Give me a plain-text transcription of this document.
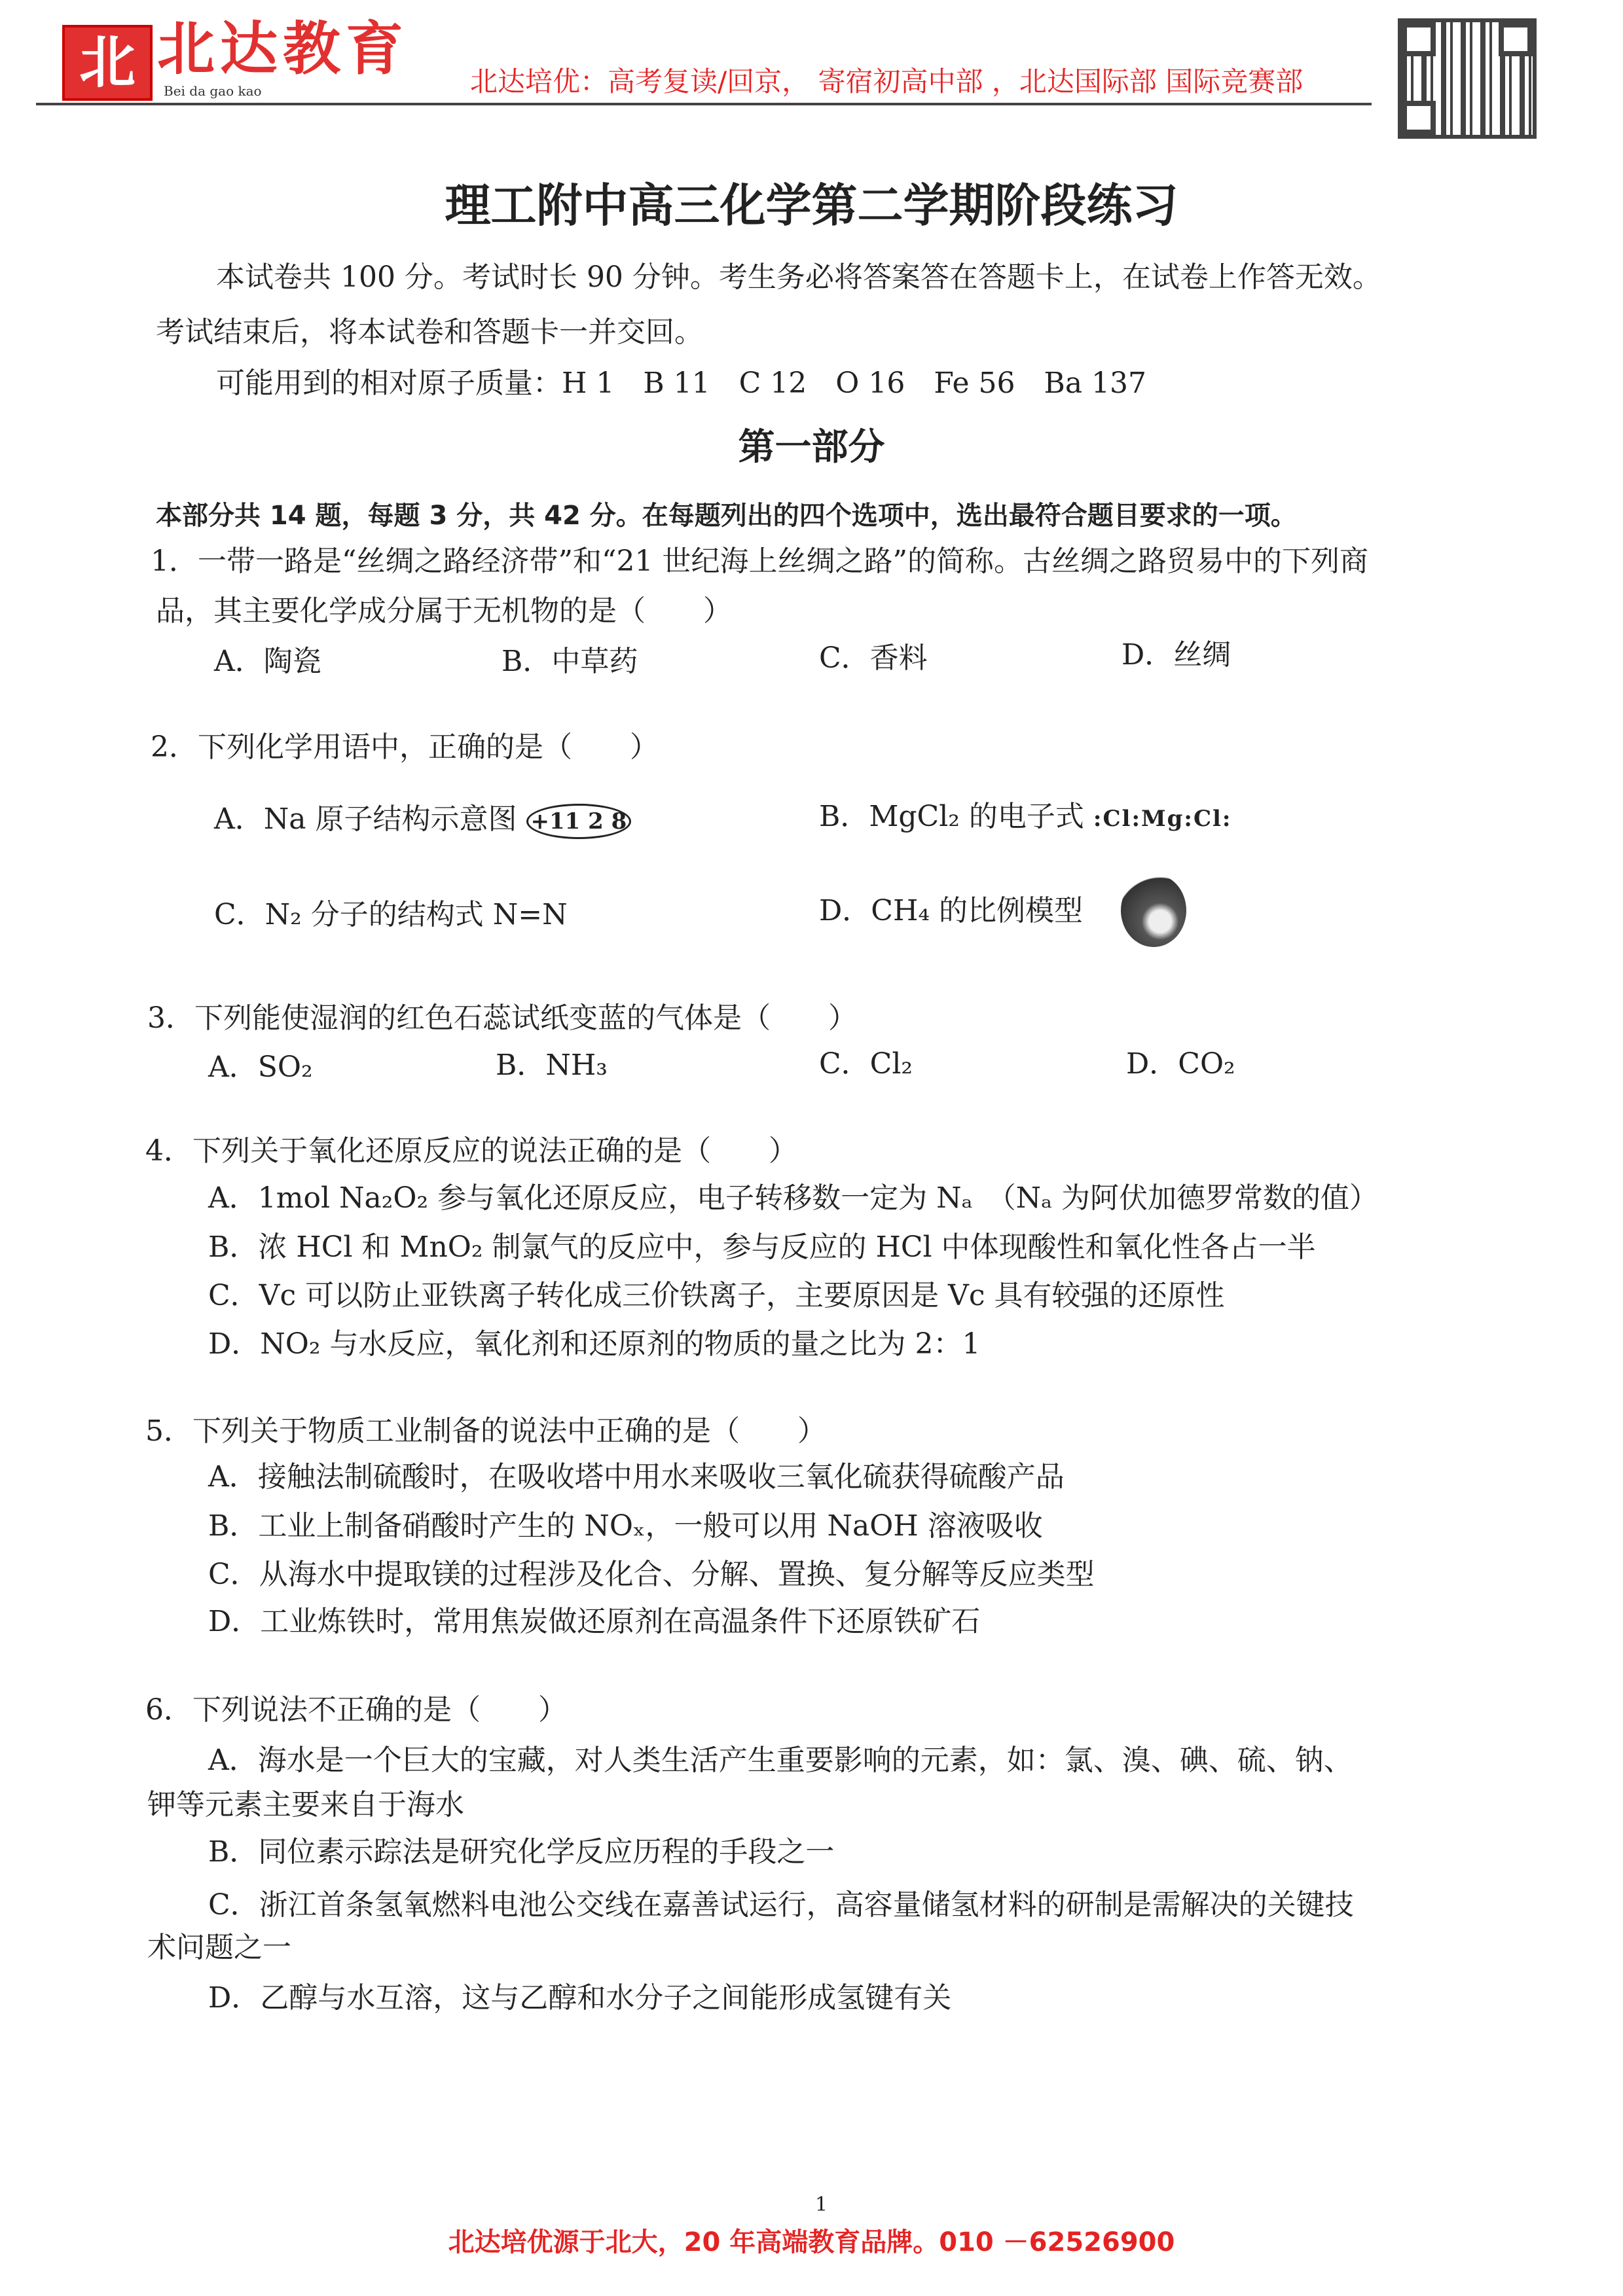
北 北达教育
Bei da gao kao	北达培优：高考复读/回京， 寄宿初高中部 ，北达国际部 国际竞赛部
理工附中高三化学第二学期阶段练习
本试卷共 100 分。考试时长 90 分钟。考生务必将答案答在答题卡上，在试卷上作答无效。
考试结束后，将本试卷和答题卡一并交回。
可能用到的相对原子质量：H 1　B 11　C 12　O 16　Fe 56　Ba 137
第一部分
本部分共 14 题，每题 3 分，共 42 分。在每题列出的四个选项中，选出最符合题目要求的一项。
1．一带一路是“丝绸之路经济带”和“21 世纪海上丝绸之路”的简称。古丝绸之路贸易中的下列商
品，其主要化学成分属于无机物的是（　　）
A．陶瓷	B．中草药	C．香料	D．丝绸
2．下列化学用语中，正确的是（　　）
A．Na 原子结构示意图 +11 2 8	B．MgCl₂ 的电子式 :Cl:Mg:Cl:
C．N₂ 分子的结构式 N=N	D．CH₄ 的比例模型
3．下列能使湿润的红色石蕊试纸变蓝的气体是（　　）
A．SO₂	B．NH₃	C．Cl₂	D．CO₂
4．下列关于氧化还原反应的说法正确的是（　　）
A．1mol Na₂O₂ 参与氧化还原反应，电子转移数一定为 Nₐ　（Nₐ 为阿伏加德罗常数的值）
B．浓 HCl 和 MnO₂ 制氯气的反应中，参与反应的 HCl 中体现酸性和氧化性各占一半
C．Vc 可以防止亚铁离子转化成三价铁离子，主要原因是 Vc 具有较强的还原性
D．NO₂ 与水反应，氧化剂和还原剂的物质的量之比为 2：1
5．下列关于物质工业制备的说法中正确的是（　　）
A．接触法制硫酸时，在吸收塔中用水来吸收三氧化硫获得硫酸产品
B．工业上制备硝酸时产生的 NOₓ，一般可以用 NaOH 溶液吸收
C．从海水中提取镁的过程涉及化合、分解、置换、复分解等反应类型
D．工业炼铁时，常用焦炭做还原剂在高温条件下还原铁矿石
6．下列说法不正确的是（　　）
A．海水是一个巨大的宝藏，对人类生活产生重要影响的元素，如：氯、溴、碘、硫、钠、
钾等元素主要来自于海水
B．同位素示踪法是研究化学反应历程的手段之一
C．浙江首条氢氧燃料电池公交线在嘉善试运行，高容量储氢材料的研制是需解决的关键技
术问题之一
D．乙醇与水互溶，这与乙醇和水分子之间能形成氢键有关
1
北达培优源于北大，20 年高端教育品牌。010 －62526900
